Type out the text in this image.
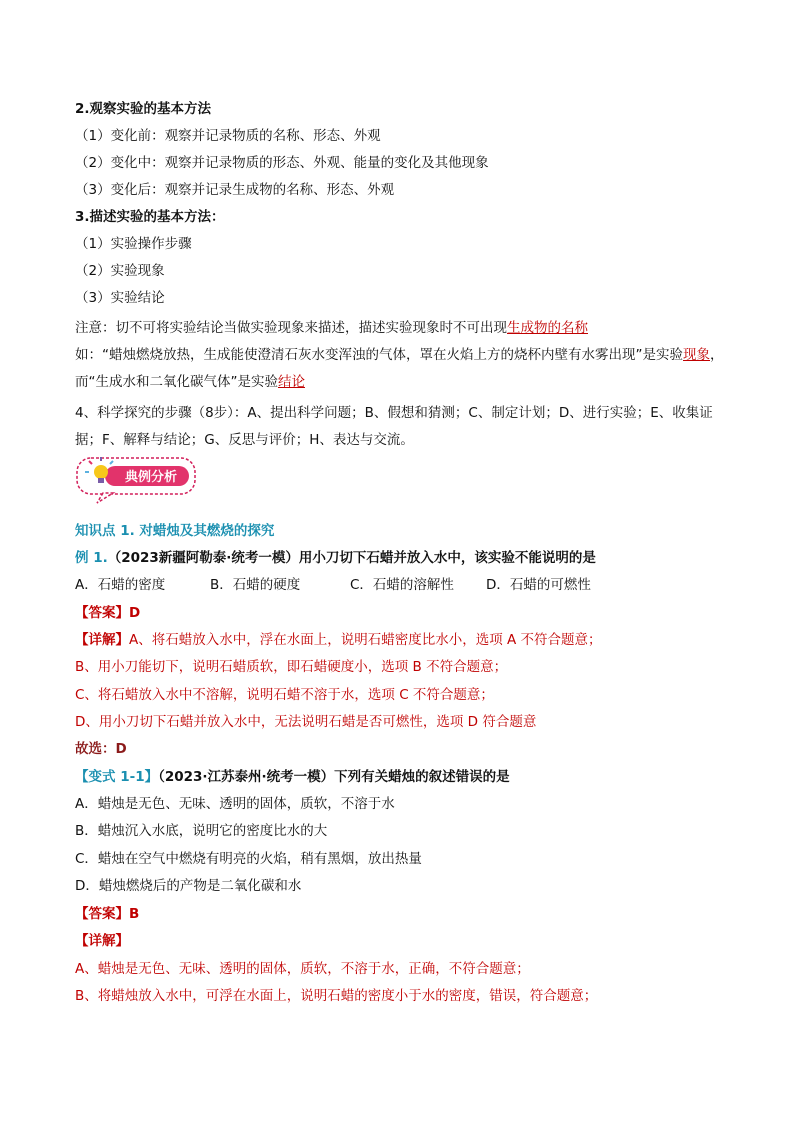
2.观察实验的基本方法
（1）变化前：观察并记录物质的名称、形态、外观
（2）变化中：观察并记录物质的形态、外观、能量的变化及其他现象
（3）变化后：观察并记录生成物的名称、形态、外观
3.描述实验的基本方法：
（1）实验操作步骤
（2）实验现象
（3）实验结论
注意：切不可将实验结论当做实验现象来描述，描述实验现象时不可出现生成物的名称
如：“蜡烛燃烧放热，生成能使澄清石灰水变浑浊的气体，罩在火焰上方的烧杯内壁有水雾出现”是实验现象，而“生成水和二氧化碳气体”是实验结论
4、科学探究的步骤（8步）：A、提出科学问题；B、假想和猜测；C、制定计划；D、进行实验；E、收集证据；F、解释与结论；G、反思与评价；H、表达与交流。
典例分析
知识点 1. 对蜡烛及其燃烧的探究
例 1.（2023新疆阿勒泰·统考一模）用小刀切下石蜡并放入水中，该实验不能说明的是
A．石蜡的密度	B．石蜡的硬度	C．石蜡的溶解性 D．石蜡的可燃性
【答案】D
【详解】A、将石蜡放入水中，浮在水面上，说明石蜡密度比水小，选项 A 不符合题意；
B、用小刀能切下，说明石蜡质软，即石蜡硬度小，选项 B 不符合题意；
C、将石蜡放入水中不溶解，说明石蜡不溶于水，选项 C 不符合题意；
D、用小刀切下石蜡并放入水中，无法说明石蜡是否可燃性，选项 D 符合题意
故选：D
【变式 1-1】（2023·江苏泰州·统考一模）下列有关蜡烛的叙述错误的是
A．蜡烛是无色、无味、透明的固体，质软，不溶于水
B．蜡烛沉入水底，说明它的密度比水的大
C．蜡烛在空气中燃烧有明亮的火焰，稍有黑烟，放出热量
D．蜡烛燃烧后的产物是二氧化碳和水
【答案】B
【详解】
A、蜡烛是无色、无味、透明的固体，质软，不溶于水，正确，不符合题意；
B、将蜡烛放入水中，可浮在水面上，说明石蜡的密度小于水的密度，错误，符合题意；
